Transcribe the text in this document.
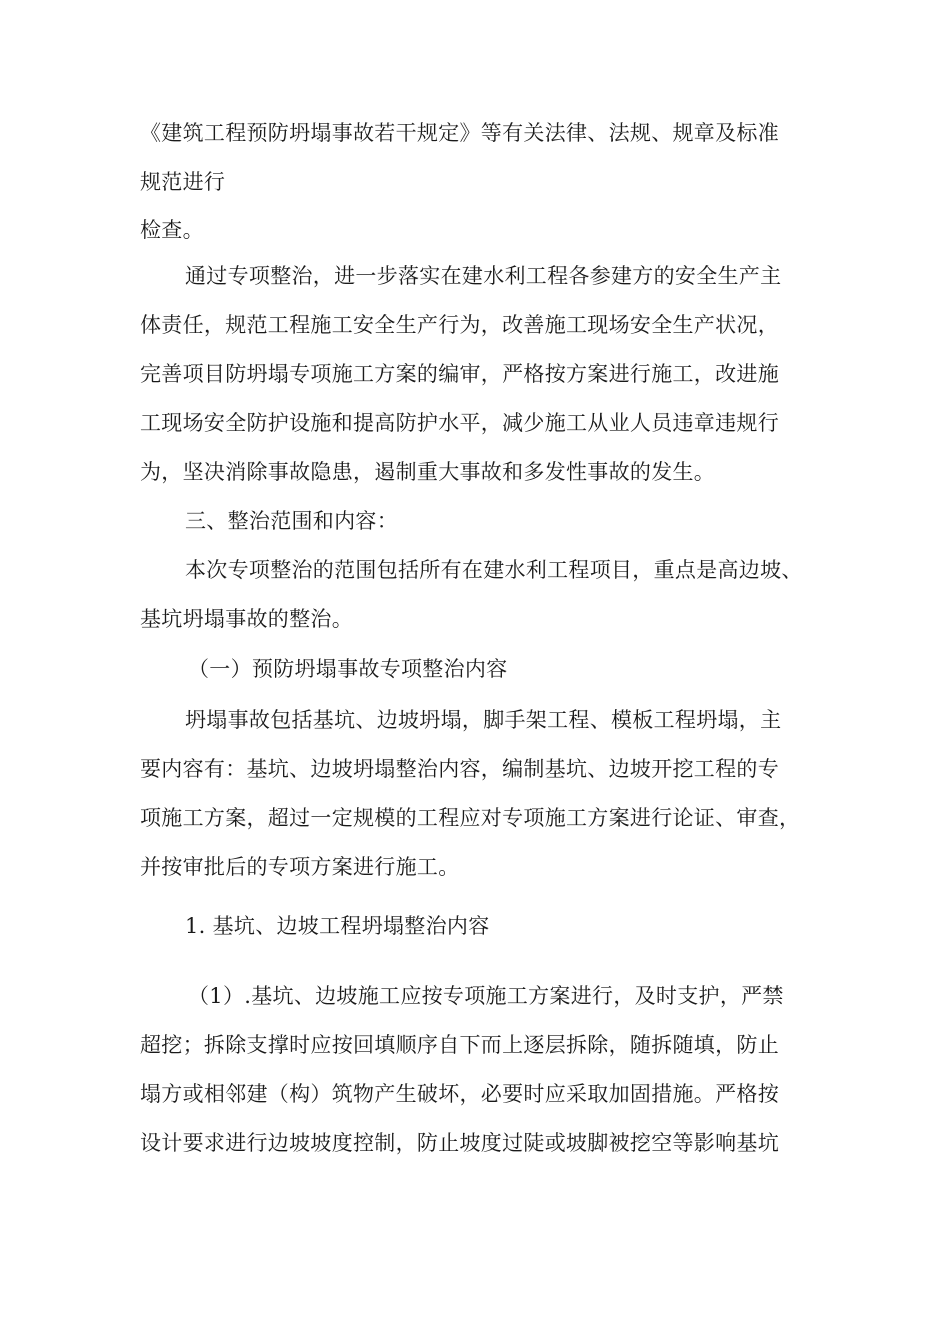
《建筑工程预防坍塌事故若干规定》等有关法律、法规、规章及标准
规范进行
检查。
通过专项整治，进一步落实在建水利工程各参建方的安全生产主
体责任，规范工程施工安全生产行为，改善施工现场安全生产状况，
完善项目防坍塌专项施工方案的编审，严格按方案进行施工，改进施
工现场安全防护设施和提高防护水平，减少施工从业人员违章违规行
为，坚决消除事故隐患，遏制重大事故和多发性事故的发生。
三、整治范围和内容：
本次专项整治的范围包括所有在建水利工程项目，重点是高边坡、
基坑坍塌事故的整治。
（一）预防坍塌事故专项整治内容
坍塌事故包括基坑、边坡坍塌，脚手架工程、模板工程坍塌，主
要内容有：基坑、边坡坍塌整治内容，编制基坑、边坡开挖工程的专
项施工方案，超过一定规模的工程应对专项施工方案进行论证、审查，
并按审批后的专项方案进行施工。
1. 基坑、边坡工程坍塌整治内容
（1）.基坑、边坡施工应按专项施工方案进行，及时支护，严禁
超挖；拆除支撑时应按回填顺序自下而上逐层拆除，随拆随填，防止
塌方或相邻建（构）筑物产生破坏，必要时应采取加固措施。严格按
设计要求进行边坡坡度控制，防止坡度过陡或坡脚被挖空等影响基坑
